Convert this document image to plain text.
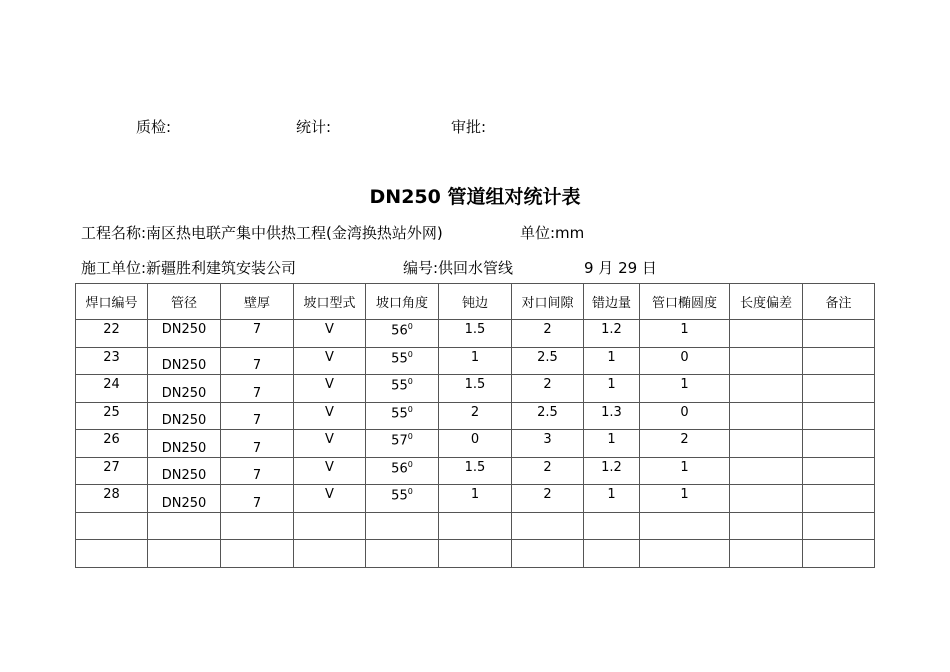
质检:	统计:	审批:
DN250 管道组对统计表
工程名称:南区热电联产集中供热工程(金湾换热站外网)	单位:mm
施工单位:新疆胜利建筑安装公司	编号:供回水管线	9 月 29 日
焊口编号	管径	壁厚	坡口型式	坡口角度	钝边	对口间隙	错边量	管口椭圆度	长度偏差	备注
22	DN250	7	V	$56^0$	1.5	2	1.2	1		
23	DN250	7	V	$55^0$	1	2.5	1	0		
24	DN250	7	V	$55^0$	1.5	2	1	1		
25	DN250	7	V	$55^0$	2	2.5	1.3	0		
26	DN250	7	V	$57^0$	0	3	1	2		
27	DN250	7	V	$56^0$	1.5	2	1.2	1		
28	DN250	7	V	$55^0$	1	2	1	1		
